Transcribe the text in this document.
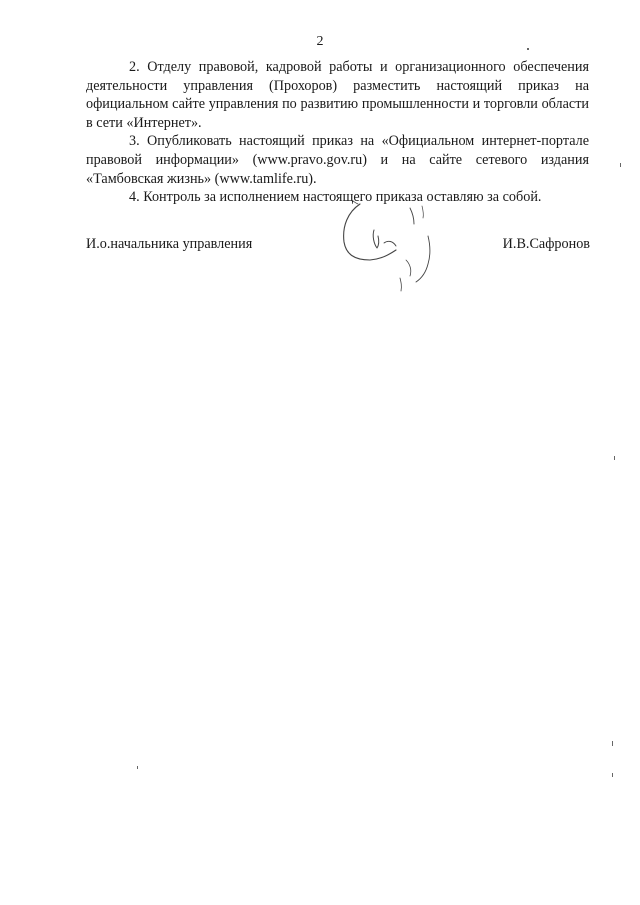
2

2. Отделу правовой, кадровой работы и организационного обеспечения деятельности управления (Прохоров) разместить настоящий приказ на официальном сайте управления по развитию промышленности и торговли области в сети «Интернет».

3. Опубликовать настоящий приказ на «Официальном интернет-портале правовой информации» (www.pravo.gov.ru) и на сайте сетевого издания «Тамбовская жизнь» (www.tamlife.ru).

4. Контроль за исполнением настоящего приказа оставляю за собой.

И.о.начальника управления	И.В.Сафронов
